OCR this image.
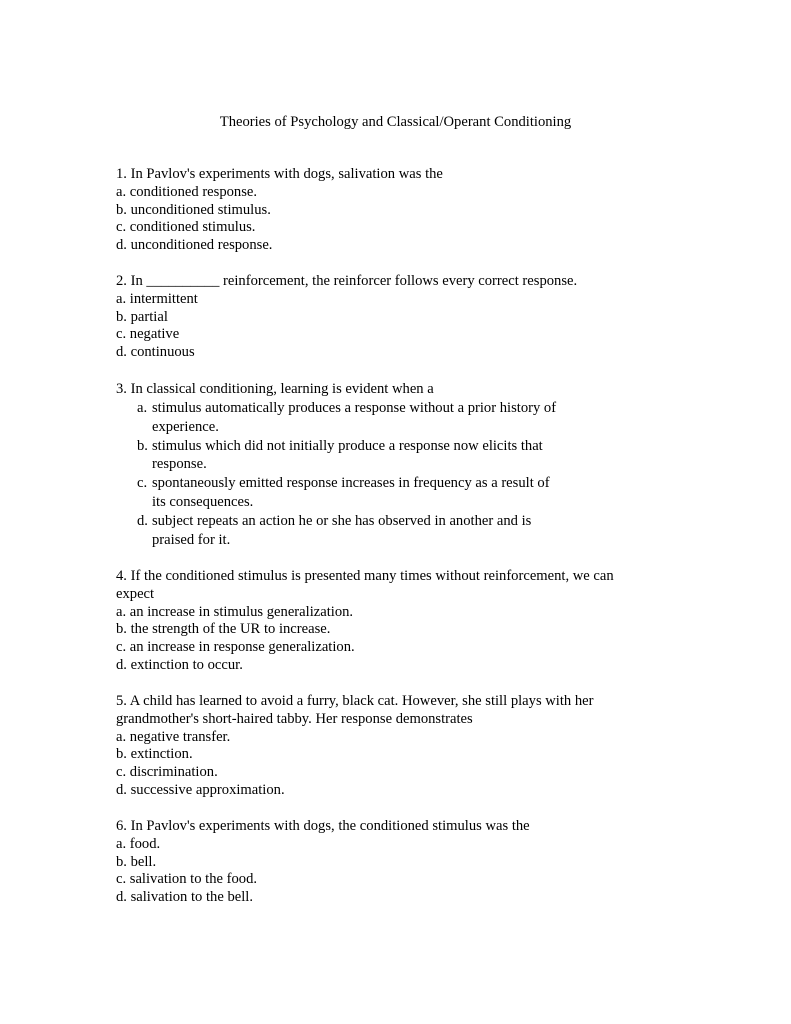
Theories of Psychology and Classical/Operant Conditioning
1. In Pavlov's experiments with dogs, salivation was the
a. conditioned response.
b. unconditioned stimulus.
c. conditioned stimulus.
d. unconditioned response.
2. In __________ reinforcement, the reinforcer follows every correct response.
a. intermittent
b. partial
c. negative
d. continuous
3. In classical conditioning, learning is evident when a
a. stimulus automatically produces a response without a prior history of
experience.
b. stimulus which did not initially produce a response now elicits that
response.
c. spontaneously emitted response increases in frequency as a result of
its consequences.
d. subject repeats an action he or she has observed in another and is
praised for it.
4. If the conditioned stimulus is presented many times without reinforcement, we can
expect
a. an increase in stimulus generalization.
b. the strength of the UR to increase.
c. an increase in response generalization.
d. extinction to occur.
5. A child has learned to avoid a furry, black cat. However, she still plays with her
grandmother's short-haired tabby. Her response demonstrates
a. negative transfer.
b. extinction.
c. discrimination.
d. successive approximation.
6. In Pavlov's experiments with dogs, the conditioned stimulus was the
a. food.
b. bell.
c. salivation to the food.
d. salivation to the bell.
